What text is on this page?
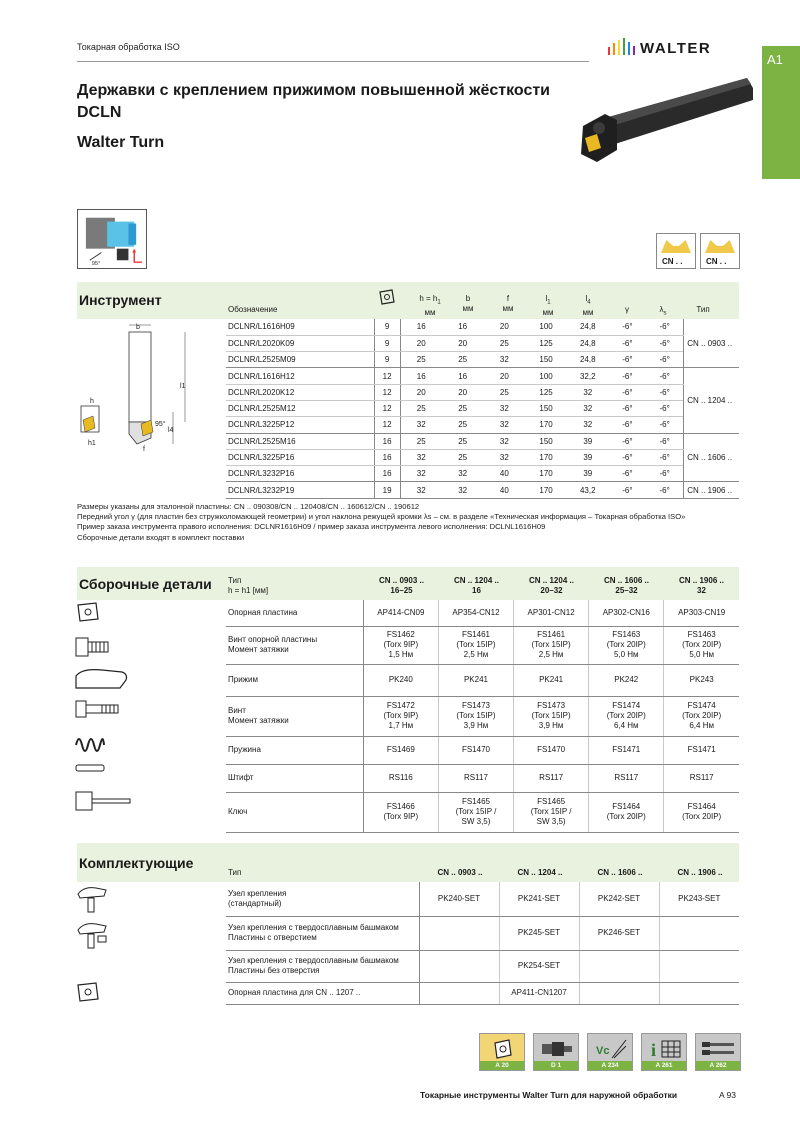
Токарная обработка ISO	WALTER
A1
Державки с креплением прижимом повышенной жёсткости
DCLN
Walter Turn
95°	CN . .	CN . .
Инструмент
Обозначение
$h = h_1$
мм
b
мм
f
мм
$l_1$
мм
$l_4$
мм	γ	$\lambda_s$	Тип
b
l1
l4
95°
f
h
h1
DCLNR/L1616H09	9	16	16	20	100	24,8	-6°	-6°	CN .. 0903 ..
DCLNR/L2020K09	9	20	20	25	125	24,8	-6°	-6°	
DCLNR/L2525M09	9	25	25	32	150	24,8	-6°	-6°	
DCLNR/L1616H12	12	16	16	20	100	32,2	-6°	-6°	CN .. 1204 ..
DCLNR/L2020K12	12	20	20	25	125	32	-6°	-6°	
DCLNR/L2525M12	12	25	25	32	150	32	-6°	-6°	
DCLNR/L3225P12	12	32	25	32	170	32	-6°	-6°	
DCLNR/L2525M16	16	25	25	32	150	39	-6°	-6°	CN .. 1606 ..
DCLNR/L3225P16	16	32	25	32	170	39	-6°	-6°	
DCLNR/L3232P16	16	32	32	40	170	39	-6°	-6°	
DCLNR/L3232P19	19	32	32	40	170	43,2	-6°	-6°	CN .. 1906 ..
Размеры указаны для эталонной пластины: CN .. 090308/CN .. 120408/CN .. 160612/CN .. 190612
Передний угол γ (для пластин без стружколомающей геометрии) и угол наклона режущей кромки λs – см. в разделе «Техническая информация – Токарная обработка ISO»
Пример заказа инструмента правого исполнения: DCLNR1616H09 / пример заказа инструмента левого исполнения: DCLNL1616H09
Сборочные детали входят в комплект поставки
Сборочные детали Тип
h = h1 [мм]
CN .. 0903 ..
16–25
CN .. 1204 ..
16
CN .. 1204 ..
20–32
CN .. 1606 ..
25–32
CN .. 1906 ..
32
Опорная пластина	AP414-CN09	AP354-CN12	AP301-CN12	AP302-CN16	AP303-CN19
Винт опорной пластины
Момент затяжки	FS1462
(Torx 9IP)
1,5 Нм	FS1461
(Torx 15IP)
2,5 Нм	FS1461
(Torx 15IP)
2,5 Нм	FS1463
(Torx 20IP)
5,0 Нм	FS1463
(Torx 20IP)
5,0 Нм
Прижим	PK240	PK241	PK241	PK242	PK243
Винт
Момент затяжки	FS1472
(Torx 9IP)
1,7 Нм	FS1473
(Torx 15IP)
3,9 Нм	FS1473
(Torx 15IP)
3,9 Нм	FS1474
(Torx 20IP)
6,4 Нм	FS1474
(Torx 20IP)
6,4 Нм
Пружина	FS1469	FS1470	FS1470	FS1471	FS1471
Штифт	RS116	RS117	RS117	RS117	RS117
Ключ	FS1466
(Torx 9IP)	FS1465
(Torx 15IP /
SW 3,5)	FS1465
(Torx 15IP /
SW 3,5)	FS1464
(Torx 20IP)	FS1464
(Torx 20IP)
Комплектующие
Тип	CN .. 0903 ..	CN .. 1204 ..	CN .. 1606 ..	CN .. 1906 ..
Узел крепления
(стандартный)	PK240-SET	PK241-SET	PK242-SET	PK243-SET
Узел крепления с твердосплавным башмаком
Пластины с отверстием		PK245-SET	PK246-SET	
Узел крепления с твердосплавным башмаком
Пластины без отверстия		PK254-SET		
Опорная пластина для CN .. 1207 ..		AP411-CN1207		
A 20	D 1
Vc
A 234
i
A 261	A 262
Токарные инструменты Walter Turn для наружной обработки	A 93
